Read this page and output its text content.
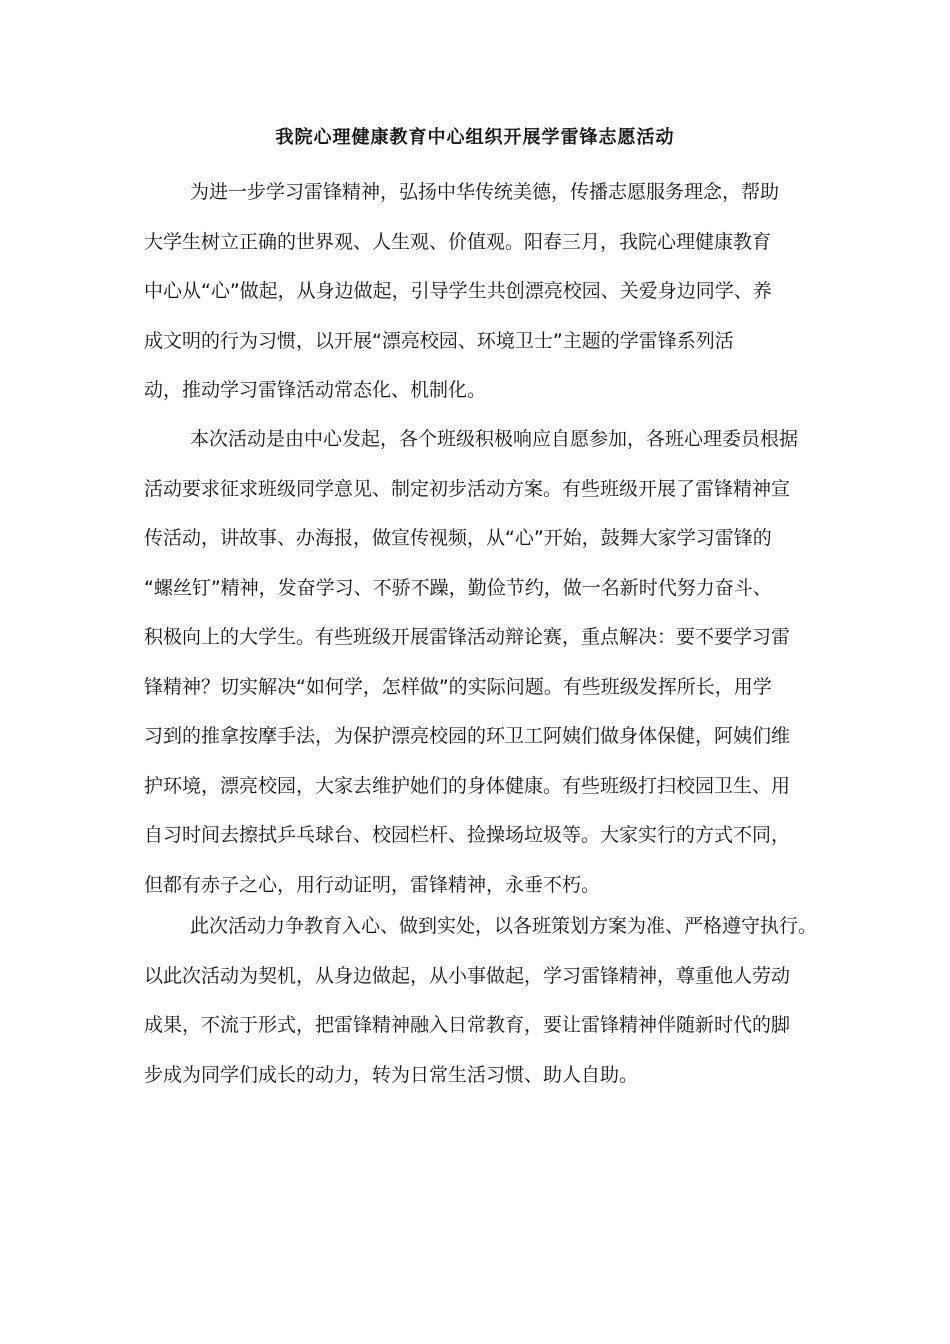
我院心理健康教育中心组织开展学雷锋志愿活动
为进一步学习雷锋精神，弘扬中华传统美德，传播志愿服务理念，帮助
大学生树立正确的世界观、人生观、价值观。阳春三月，我院心理健康教育
中心从“心”做起，从身边做起，引导学生共创漂亮校园、关爱身边同学、养
成文明的行为习惯，以开展“漂亮校园、环境卫士”主题的学雷锋系列活
动，推动学习雷锋活动常态化、机制化。
本次活动是由中心发起，各个班级积极响应自愿参加，各班心理委员根据
活动要求征求班级同学意见、制定初步活动方案。有些班级开展了雷锋精神宣
传活动，讲故事、办海报，做宣传视频，从“心”开始，鼓舞大家学习雷锋的
“螺丝钉”精神，发奋学习、不骄不躁，勤俭节约，做一名新时代努力奋斗、
积极向上的大学生。有些班级开展雷锋活动辩论赛，重点解决：要不要学习雷
锋精神？切实解决“如何学，怎样做”的实际问题。有些班级发挥所长，用学
习到的推拿按摩手法，为保护漂亮校园的环卫工阿姨们做身体保健，阿姨们维
护环境，漂亮校园，大家去维护她们的身体健康。有些班级打扫校园卫生、用
自习时间去擦拭乒乓球台、校园栏杆、捡操场垃圾等。大家实行的方式不同，
但都有赤子之心，用行动证明，雷锋精神，永垂不朽。
此次活动力争教育入心、做到实处，以各班策划方案为准、严格遵守执行。
以此次活动为契机，从身边做起，从小事做起，学习雷锋精神，尊重他人劳动
成果，不流于形式，把雷锋精神融入日常教育，要让雷锋精神伴随新时代的脚
步成为同学们成长的动力，转为日常生活习惯、助人自助。
